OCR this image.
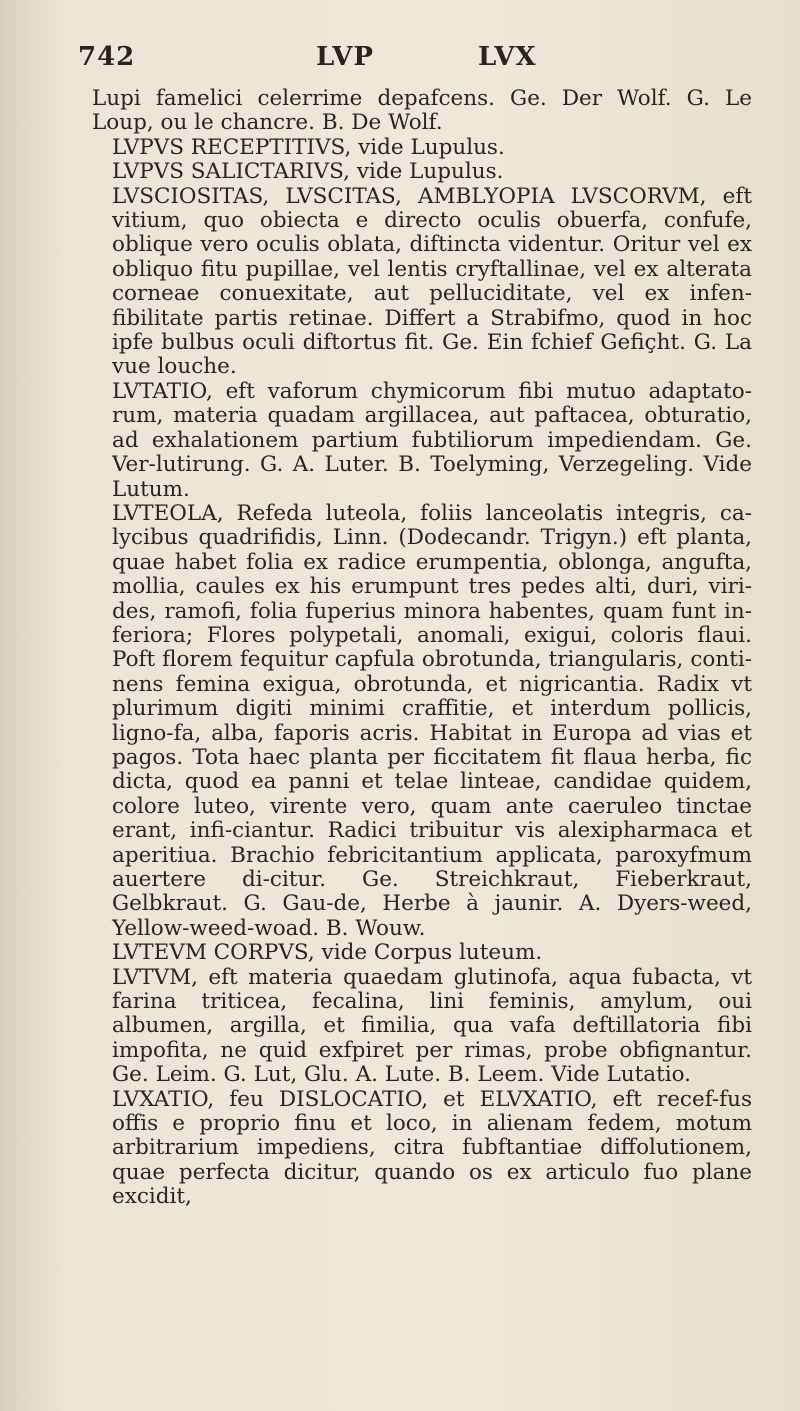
742	LVP	LVX

Lupi famelici celerrime depafcens. Ge. Der Wolf. G. Le Loup, ou le chancre. B. De Wolf.

LVPVS RECEPTITIVS, vide Lupulus.

LVPVS SALICTARIVS, vide Lupulus.

LVSCIOSITAS, LVSCITAS, AMBLYOPIA LVSCORVM, eft vitium, quo obiecta e directo oculis obuerfa, confufe, oblique vero oculis oblata, diftincta videntur. Oritur vel ex obliquo fitu pupillae, vel lentis cryftallinae, vel ex alterata corneae conuexitate, aut pelluciditate, vel ex infen-fibilitate partis retinae. Differt a Strabifmo, quod in hoc ipfe bulbus oculi diftortus fit. Ge. Ein fchief Gefiçht. G. La vue louche.

LVTATIO, eft vaforum chymicorum fibi mutuo adaptato-rum, materia quadam argillacea, aut paftacea, obturatio, ad exhalationem partium fubtiliorum impediendam. Ge. Ver-lutirung. G. A. Luter. B. Toelyming, Verzegeling. Vide Lutum.

LVTEOLA, Refeda luteola, foliis lanceolatis integris, ca-lycibus quadrifidis, Linn. (Dodecandr. Trigyn.) eft planta, quae habet folia ex radice erumpentia, oblonga, angufta, mollia, caules ex his erumpunt tres pedes alti, duri, viri-des, ramofi, folia fuperius minora habentes, quam funt in-feriora; Flores polypetali, anomali, exigui, coloris flaui. Poft florem fequitur capfula obrotunda, triangularis, conti-nens femina exigua, obrotunda, et nigricantia. Radix vt plurimum digiti minimi craffitie, et interdum pollicis, ligno-fa, alba, faporis acris. Habitat in Europa ad vias et pagos. Tota haec planta per ficcitatem fit flaua herba, fic dicta, quod ea panni et telae linteae, candidae quidem, colore luteo, virente vero, quam ante caeruleo tinctae erant, infi-ciantur. Radici tribuitur vis alexipharmaca et aperitiua. Brachio febricitantium applicata, paroxyfmum auertere di-citur. Ge. Streichkraut, Fieberkraut, Gelbkraut. G. Gau-de, Herbe à jaunir. A. Dyers-weed, Yellow-weed-woad. B. Wouw.

LVTEVM CORPVS, vide Corpus luteum.

LVTVM, eft materia quaedam glutinofa, aqua fubacta, vt farina triticea, fecalina, lini feminis, amylum, oui albumen, argilla, et fimilia, qua vafa deftillatoria fibi impofita, ne quid exfpiret per rimas, probe obfignantur. Ge. Leim. G. Lut, Glu. A. Lute. B. Leem. Vide Lutatio.

LVXATIO, feu DISLOCATIO, et ELVXATIO, eft recef-fus offis e proprio finu et loco, in alienam fedem, motum arbitrarium impediens, citra fubftantiae diffolutionem, quae perfecta dicitur, quando os ex articulo fuo plane excidit,
